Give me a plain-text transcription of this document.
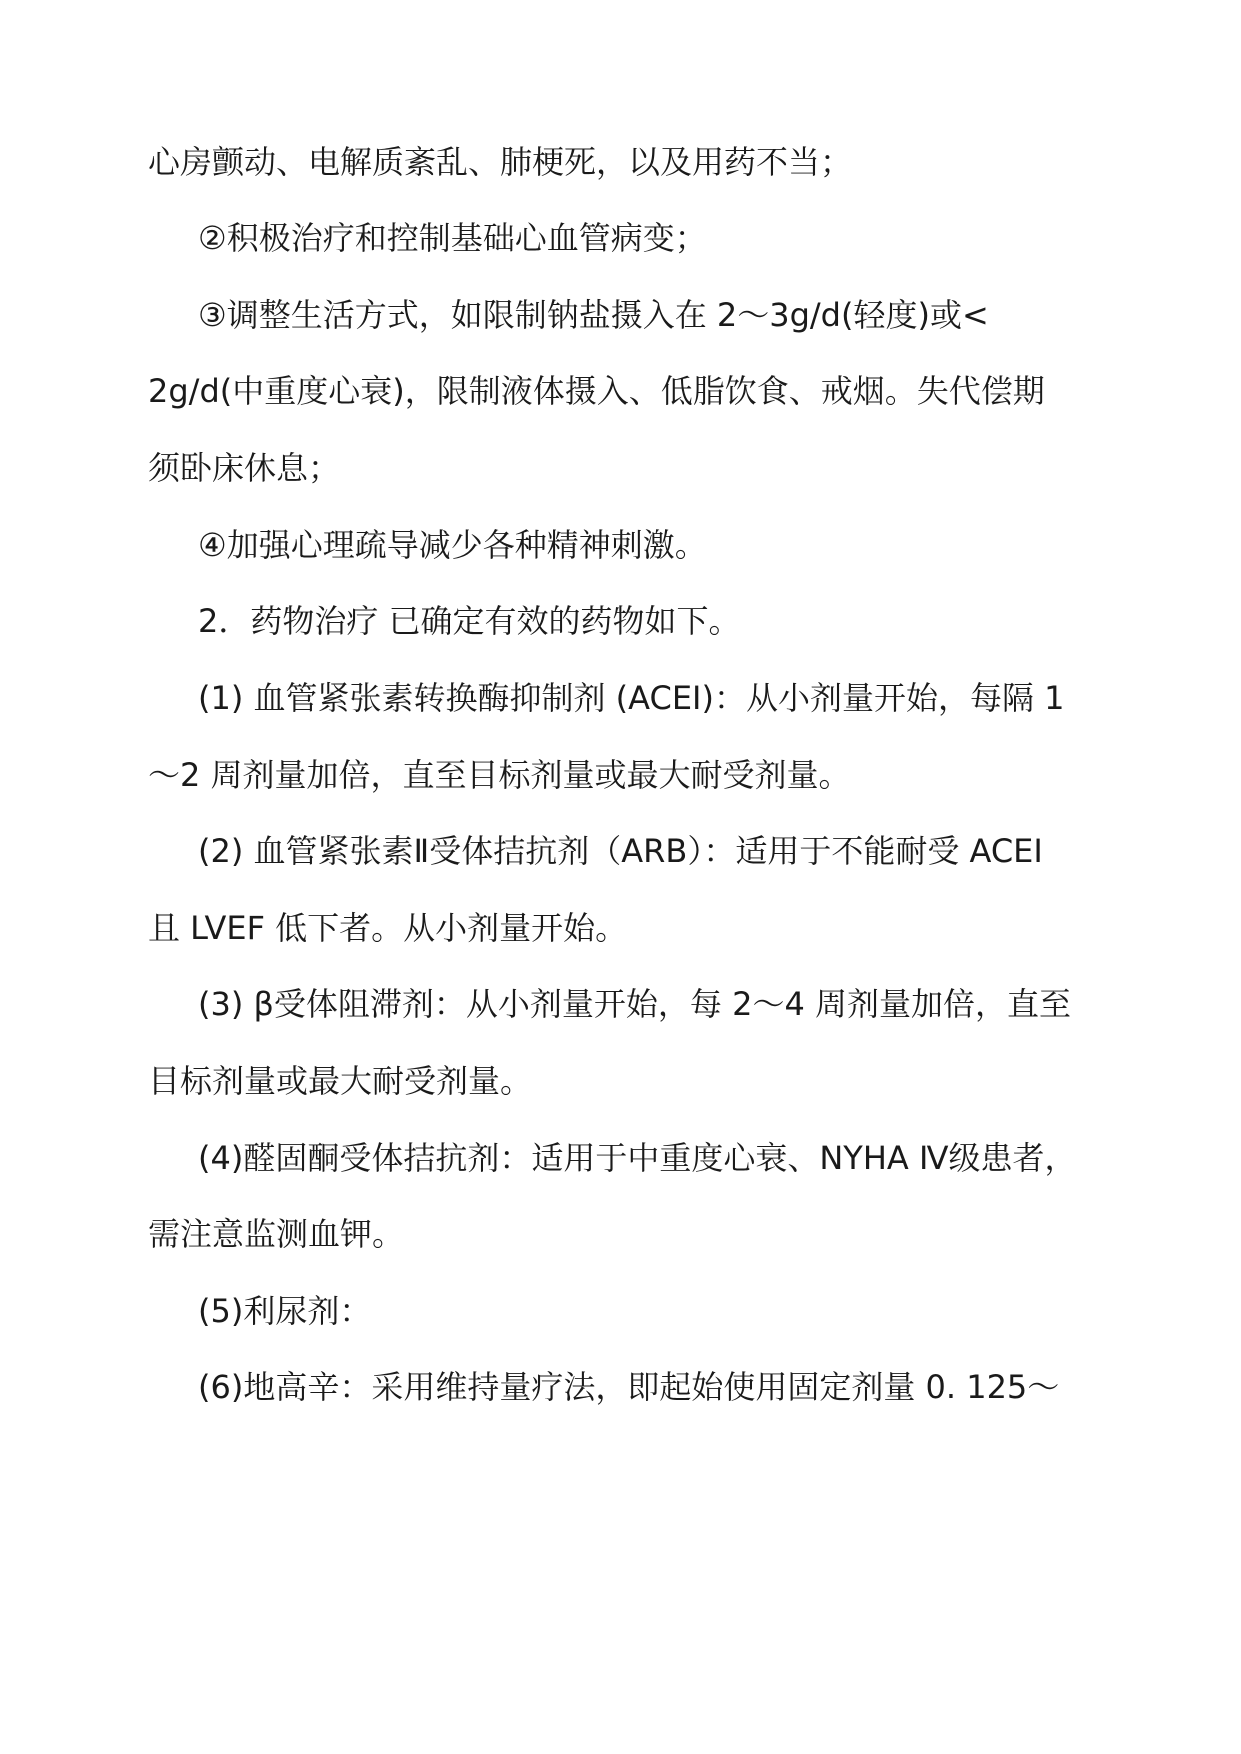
心房颤动、电解质紊乱、肺梗死，以及用药不当；
②积极治疗和控制基础心血管病变；
③调整生活方式，如限制钠盐摄入在 2～3g/d(轻度)或<
2g/d(中重度心衰)，限制液体摄入、低脂饮食、戒烟。失代偿期
须卧床休息；
④加强心理疏导减少各种精神刺激。
2．药物治疗 已确定有效的药物如下。
(1) 血管紧张素转换酶抑制剂 (ACEI)：从小剂量开始，每隔 1
～2 周剂量加倍，直至目标剂量或最大耐受剂量。
(2) 血管紧张素Ⅱ受体拮抗剂（ARB）：适用于不能耐受 ACEI
且 LVEF 低下者。从小剂量开始。
(3) β受体阻滞剂：从小剂量开始，每 2～4 周剂量加倍，直至
目标剂量或最大耐受剂量。
(4)醛固酮受体拮抗剂：适用于中重度心衰、NYHA Ⅳ级患者，
需注意监测血钾。
(5)利尿剂：
(6)地高辛：采用维持量疗法，即起始使用固定剂量 0. 125～
